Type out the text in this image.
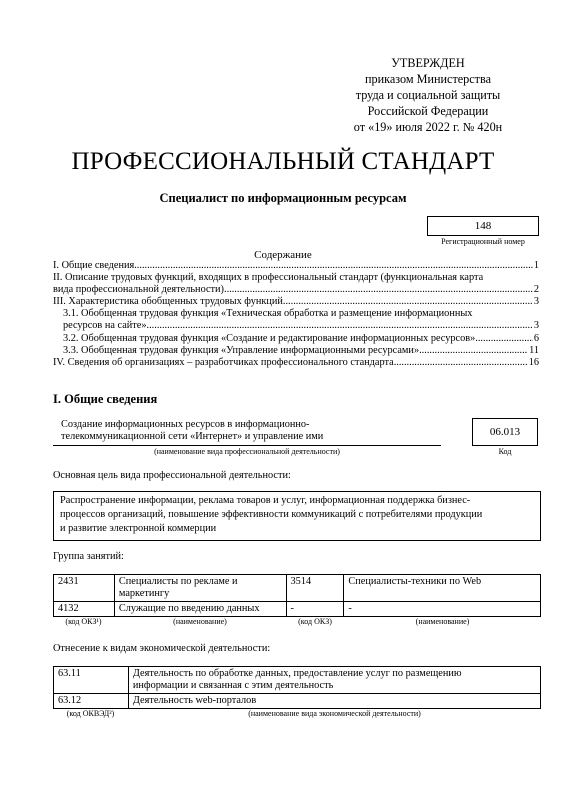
УТВЕРЖДЕН
приказом Министерства
труда и социальной защиты
Российской Федерации
от «19» июля 2022 г. № 420н
ПРОФЕССИОНАЛЬНЫЙ СТАНДАРТ
Специалист по информационным ресурсам
148
Регистрационный номер
Содержание
I. Общие сведения .....	1
II. Описание трудовых функций, входящих в профессиональный стандарт (функциональная карта
вида профессиональной деятельности) .....	2
III. Характеристика обобщенных трудовых функций .....	3
3.1. Обобщенная трудовая функция «Техническая обработка и размещение информационных
ресурсов на сайте» .....	3
3.2. Обобщенная трудовая функция «Создание и редактирование информационных ресурсов» .....	6
3.3. Обобщенная трудовая функция «Управление информационными ресурсами» .....	11
IV. Сведения об организациях – разработчиках профессионального стандарта .....	16
I. Общие сведения
Создание информационных ресурсов в информационно-
телекоммуникационной сети «Интернет» и управление ими
(наименование вида профессиональной деятельности)
06.013
Код
Основная цель вида профессиональной деятельности:
Распространение информации, реклама товаров и услуг, информационная поддержка бизнес-
процессов организаций, повышение эффективности коммуникаций с потребителями продукции
и развитие электронной коммерции
Группа занятий:
2431	Специалисты по рекламе и
маркетингу	3514	Специалисты-техники по Web
4132	Служащие по введению данных	-	-
(код ОКЗ¹)	(наименование)	(код ОКЗ)	(наименование)
Отнесение к видам экономической деятельности:
63.11	Деятельность по обработке данных, предоставление услуг по размещению
информации и связанная с этим деятельность

63.12	Деятельность web-порталов
(код ОКВЭД²)	(наименование вида экономической деятельности)
